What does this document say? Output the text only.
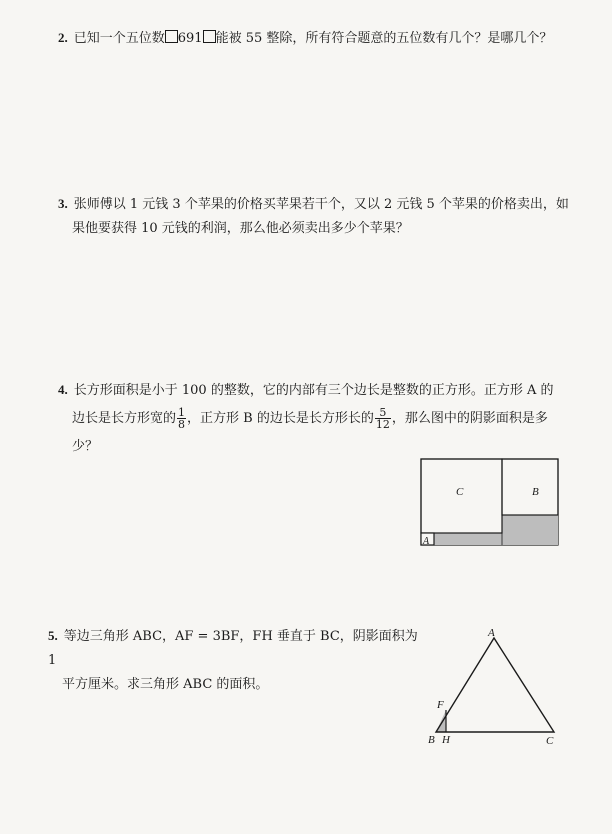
2. 已知一个五位数 691 能被 55 整除，所有符合题意的五位数有几个？是哪几个？
3. 张师傅以 1 元钱 3 个苹果的价格买苹果若干个，又以 2 元钱 5 个苹果的价格卖出，如
果他要获得 10 元钱的利润，那么他必须卖出多少个苹果？
4. 长方形面积是小于 100 的整数，它的内部有三个边长是整数的正方形。正方形 A 的
边长是长方形宽的 $\frac{1}{8}$ ，正方形 B 的边长是长方形长的 $\frac{5}{12}$ ，那么图中的阴影面积是多
少？
C	B
A
5. 等边三角形 ABC，AF = 3BF，FH 垂直于 BC，阴影面积为 1
平方厘米。求三角形 ABC 的面积。
A
F
B H	C
